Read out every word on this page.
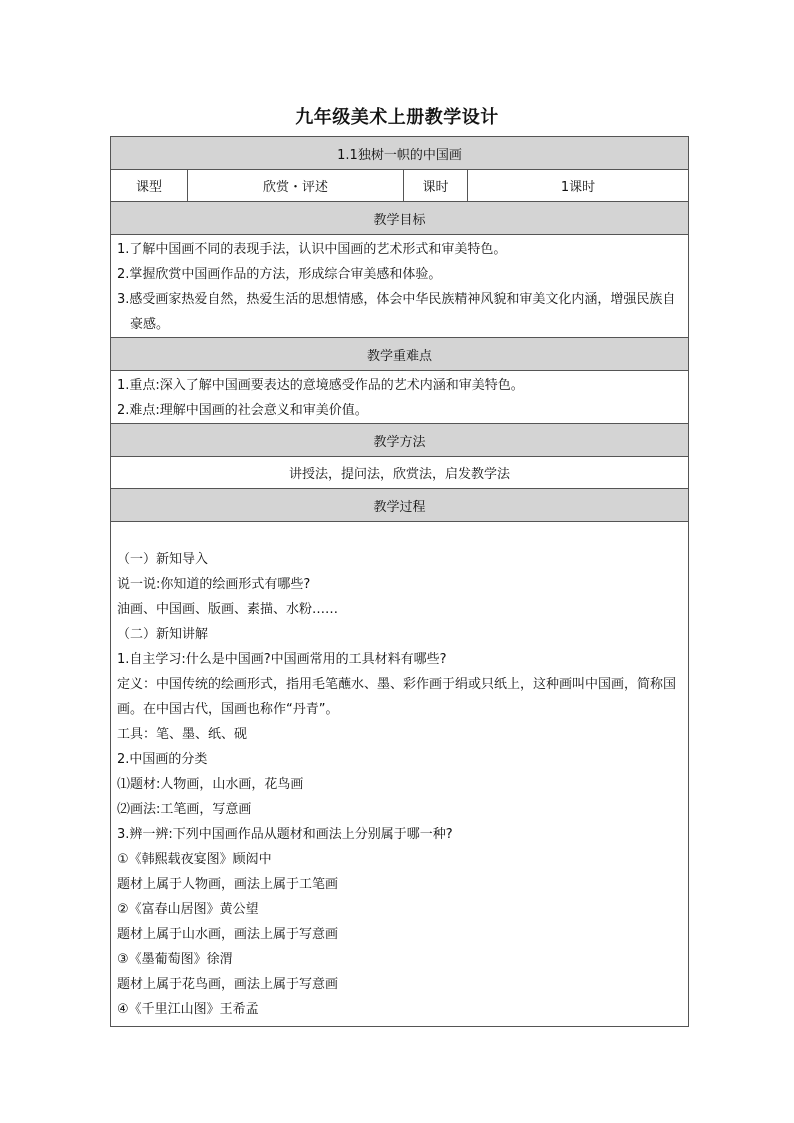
九年级美术上册教学设计
1.1独树一帜的中国画
课型	欣赏・评述	课时	1课时
教学目标

1.了解中国画不同的表现手法，认识中国画的艺术形式和审美特色。
2.掌握欣赏中国画作品的方法，形成综合审美感和体验。
3.感受画家热爱自然，热爱生活的思想情感，体会中华民族精神风貌和审美文化内涵，增强民族自豪感。

教学重难点

1.重点:深入了解中国画要表达的意境感受作品的艺术内涵和审美特色。
2.难点:理解中国画的社会意义和审美价值。

教学方法
讲授法，提问法，欣赏法，启发教学法
教学过程

（一）新知导入
说一说:你知道的绘画形式有哪些?
油画、中国画、版画、素描、水粉……
（二）新知讲解
1.自主学习:什么是中国画?中国画常用的工具材料有哪些?
定义：中国传统的绘画形式，指用毛笔蘸水、墨、彩作画于绢或只纸上，这种画叫中国画，简称国画。在中国古代，国画也称作“丹青”。
工具：笔、墨、纸、砚
2.中国画的分类
⑴题材:人物画，山水画，花鸟画
⑵画法:工笔画，写意画
3.辨一辨:下列中国画作品从题材和画法上分别属于哪一种?
①《韩熙载夜宴图》顾闳中
题材上属于人物画，画法上属于工笔画
②《富春山居图》黄公望
题材上属于山水画，画法上属于写意画
③《墨葡萄图》徐渭
题材上属于花鸟画，画法上属于写意画
④《千里江山图》王希孟
